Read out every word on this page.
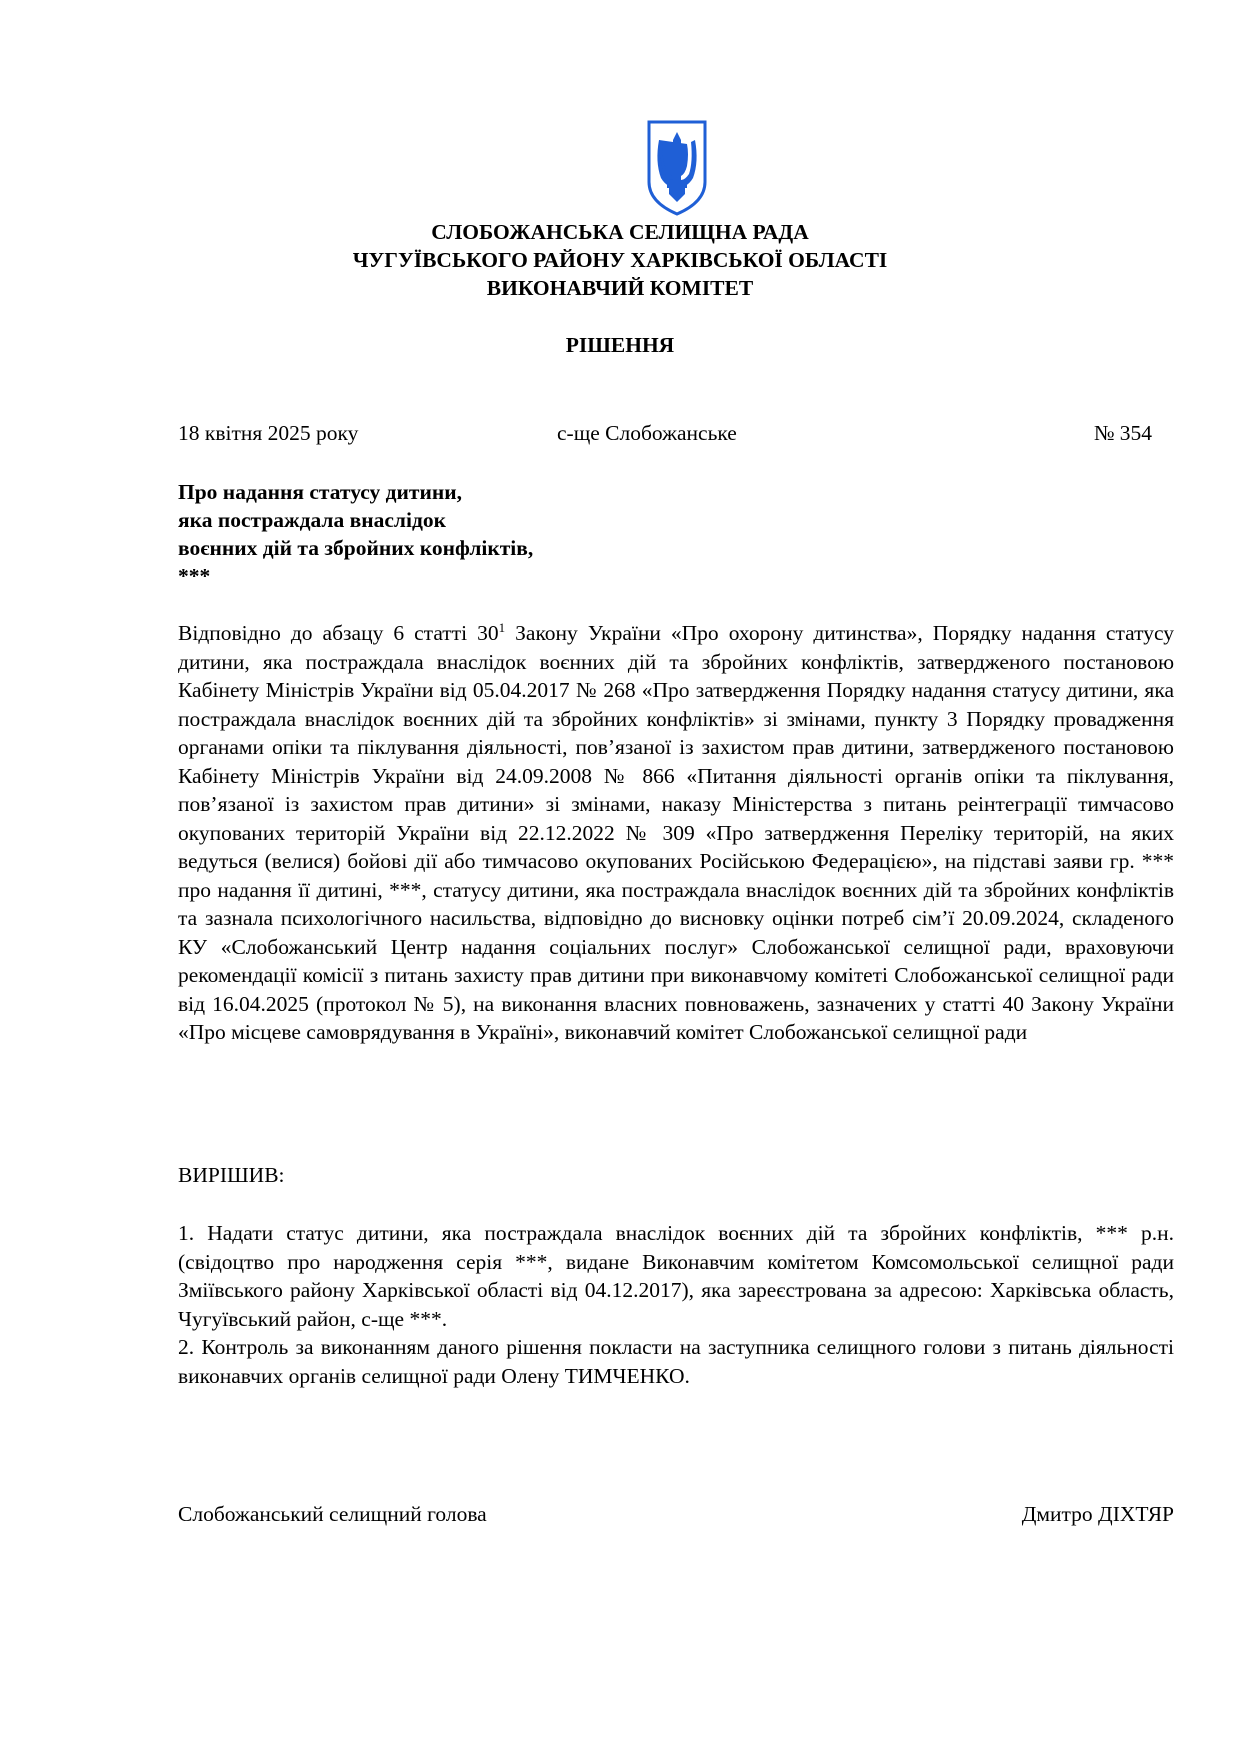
СЛОБОЖАНСЬКА СЕЛИЩНА РАДА
ЧУГУЇВСЬКОГО РАЙОНУ ХАРКІВСЬКОЇ ОБЛАСТІ
ВИКОНАВЧИЙ КОМІТЕТ
РІШЕННЯ
18 квітня 2025 року	с-ще Слобожанське	№ 354
Про надання статусу дитини,
яка постраждала внаслідок
воєнних дій та збройних конфліктів,
***
Відповідно до абзацу 6 статті $30^1$ Закону України «Про охорону дитинства», Порядку надання статусу дитини, яка постраждала внаслідок воєнних дій та збройних конфліктів, затвердженого постановою Кабінету Міністрів України від 05.04.2017 № 268 «Про затвердження Порядку надання статусу дитини, яка постраждала внаслідок воєнних дій та збройних конфліктів» зі змінами, пункту 3 Порядку провадження органами опіки та піклування діяльності, пов’язаної із захистом прав дитини, затвердженого постановою Кабінету Міністрів України від 24.09.2008 № 866 «Питання діяльності органів опіки та піклування, пов’язаної із захистом прав дитини» зі змінами, наказу Міністерства з питань реінтеграції тимчасово окупованих територій України від 22.12.2022 № 309 «Про затвердження Переліку територій, на яких ведуться (велися) бойові дії або тимчасово окупованих Російською Федерацією», на підставі заяви гр. *** про надання її дитині, ***, статусу дитини, яка постраждала внаслідок воєнних дій та збройних конфліктів та зазнала психологічного насильства, відповідно до висновку оцінки потреб сім’ї 20.09.2024, складеного КУ «Слобожанський Центр надання соціальних послуг» Слобожанської селищної ради, враховуючи рекомендації комісії з питань захисту прав дитини при виконавчому комітеті Слобожанської селищної ради від 16.04.2025 (протокол № 5), на виконання власних повноважень, зазначених у статті 40 Закону України «Про місцеве самоврядування в Україні», виконавчий комітет Слобожанської селищної ради
ВИРІШИВ:

1. Надати статус дитини, яка постраждала внаслідок воєнних дій та збройних конфліктів, *** р.н. (свідоцтво про народження серія ***, видане Виконавчим комітетом Комсомольської селищної ради Зміївського району Харківської області від 04.12.2017), яка зареєстрована за адресою: Харківська область, Чугуївський район, с-ще ***.

2. Контроль за виконанням даного рішення покласти на заступника селищного голови з питань діяльності виконавчих органів селищної ради Олену ТИМЧЕНКО.

Слобожанський селищний голова	Дмитро ДІХТЯР
